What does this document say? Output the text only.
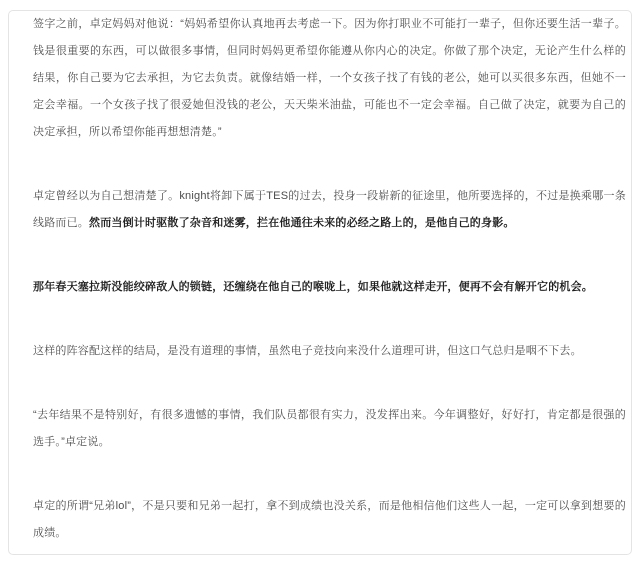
签字之前，卓定妈妈对他说：“妈妈希望你认真地再去考虑一下。因为你打职业不可能打一辈子，但你还要生活一辈子。钱是很重要的东西，可以做很多事情，但同时妈妈更希望你能遵从你内心的决定。你做了那个决定，无论产生什么样的结果，你自己要为它去承担，为它去负责。就像结婚一样，一个女孩子找了有钱的老公，她可以买很多东西，但她不一定会幸福。一个女孩子找了很爱她但没钱的老公，天天柴米油盐，可能也不一定会幸福。自己做了决定，就要为自己的决定承担，所以希望你能再想想清楚。”

卓定曾经以为自己想清楚了。knight将卸下属于TES的过去，投身一段崭新的征途里，他所要选择的，不过是换乘哪一条线路而已。然而当倒计时驱散了杂音和迷雾，拦在他通往未来的必经之路上的，是他自己的身影。

那年春天塞拉斯没能绞碎敌人的锁链，还缠绕在他自己的喉咙上，如果他就这样走开，便再不会有解开它的机会。

这样的阵容配这样的结局，是没有道理的事情，虽然电子竞技向来没什么道理可讲，但这口气总归是咽不下去。

“去年结果不是特别好，有很多遗憾的事情，我们队员都很有实力，没发挥出来。今年调整好，好好打，肯定都是很强的选手。”卓定说。

卓定的所谓“兄弟lol”，不是只要和兄弟一起打，拿不到成绩也没关系，而是他相信他们这些人一起，一定可以拿到想要的成绩。
